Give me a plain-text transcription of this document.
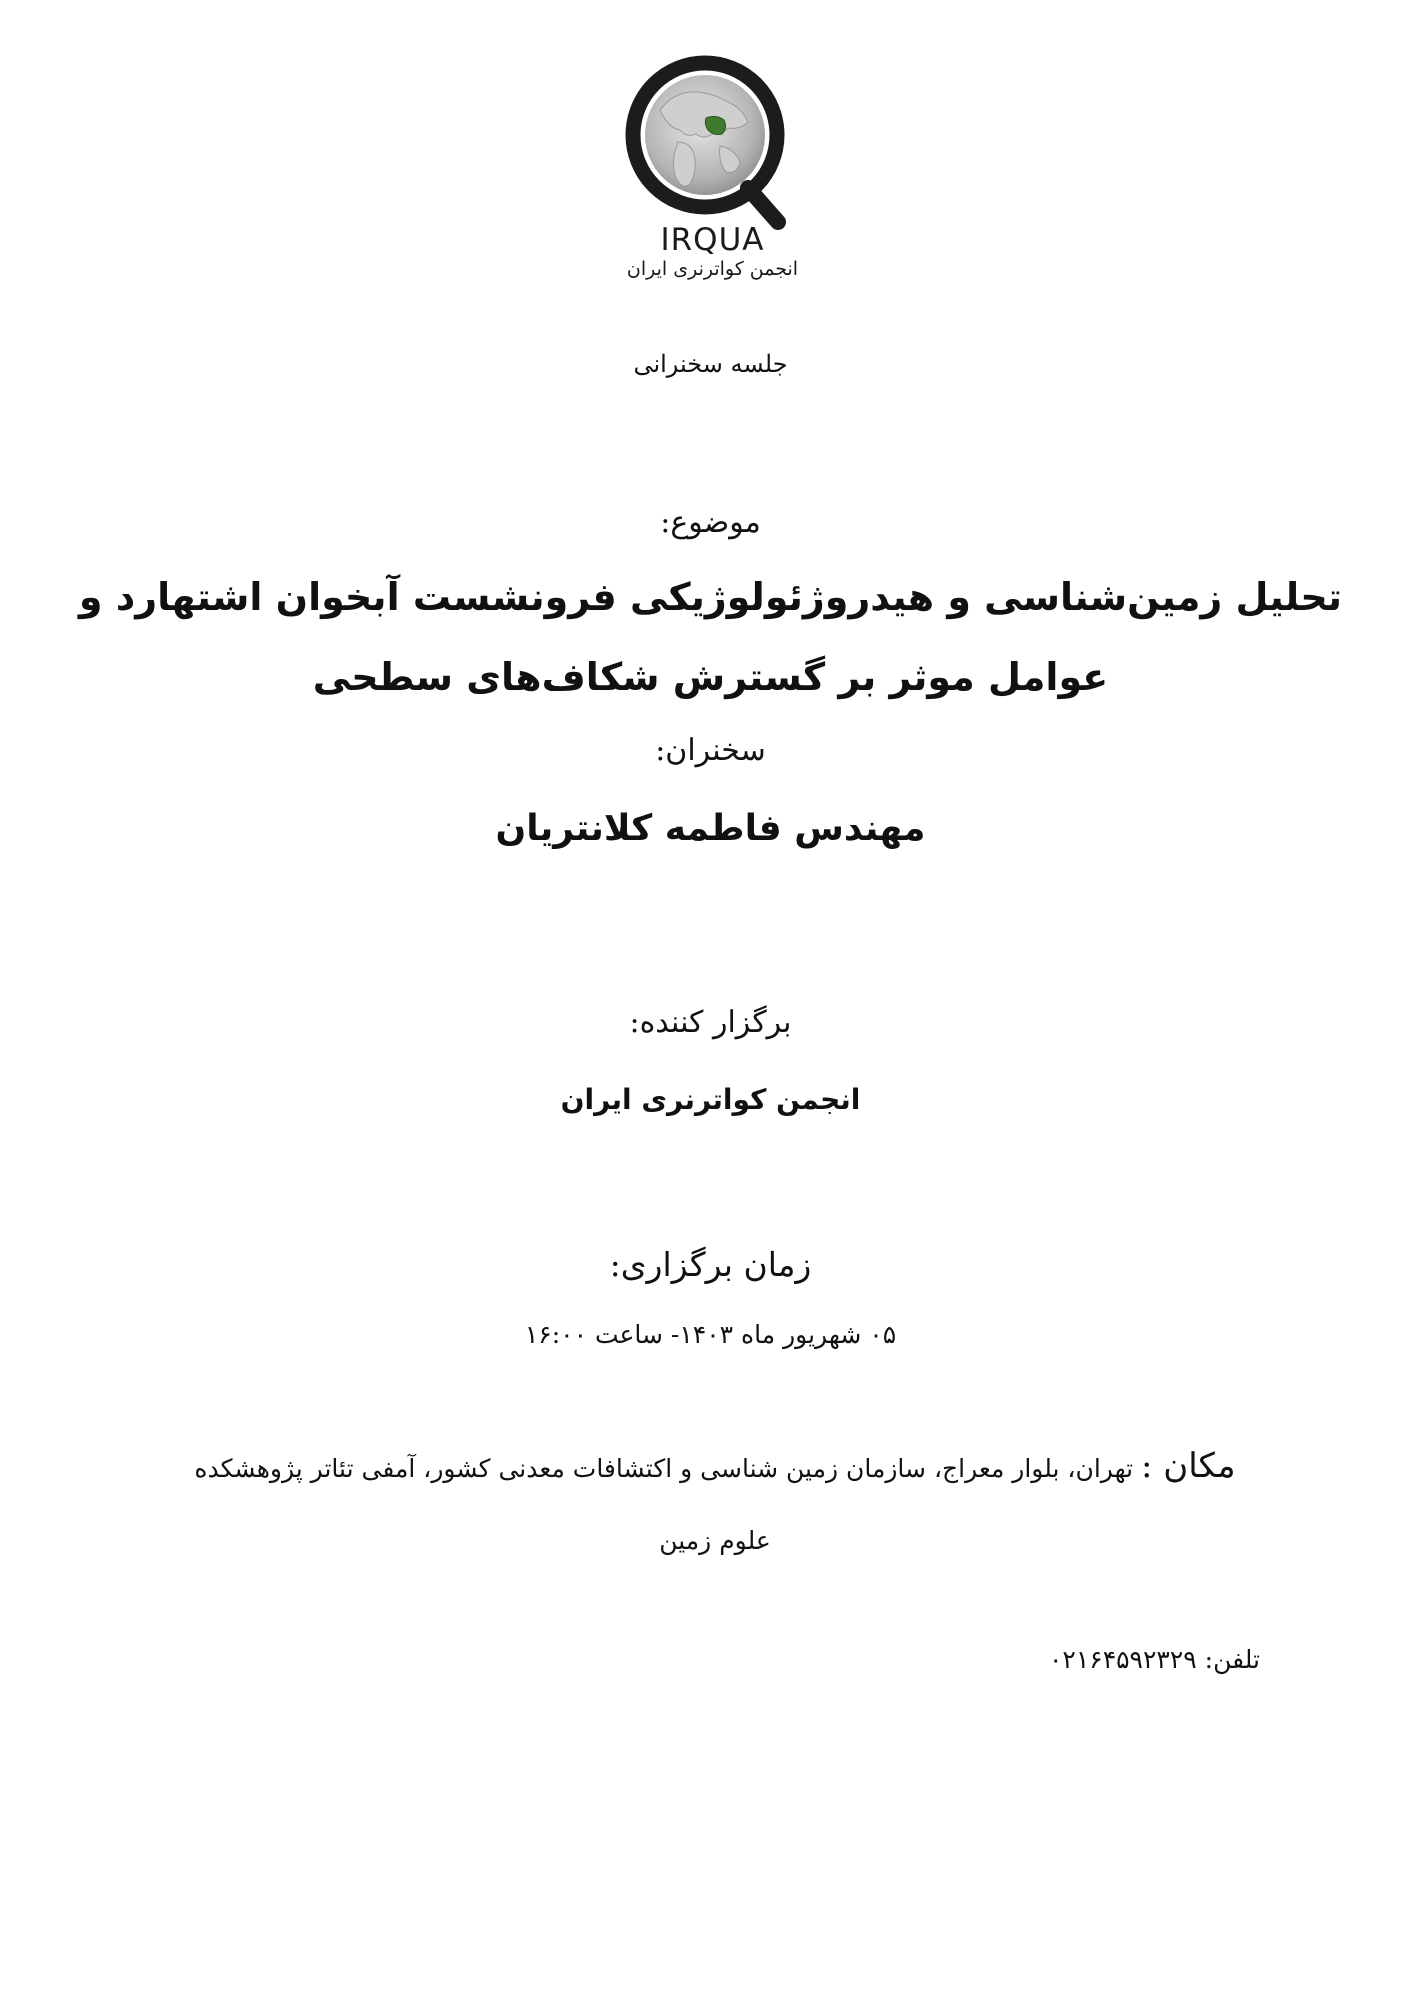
IRQUA
انجمن کواترنری ایران
جلسه سخنرانی
موضوع:
تحلیل زمین‌شناسی و هیدروژئولوژیکی فرونشست آبخوان اشتهارد و
عوامل موثر بر گسترش شکاف‌های سطحی
سخنران:
مهندس فاطمه کلانتریان
برگزار کننده:
انجمن کواترنری ایران
زمان برگزاری:
۰۵ شهریور ماه ۱۴۰۳- ساعت ۱۶:۰۰
مکان : تهران، بلوار معراج، سازمان زمین شناسی و اکتشافات معدنی کشور، آمفی تئاتر پژوهشکده علوم زمین
تلفن: ۰۲۱۶۴۵۹۲۳۲۹
